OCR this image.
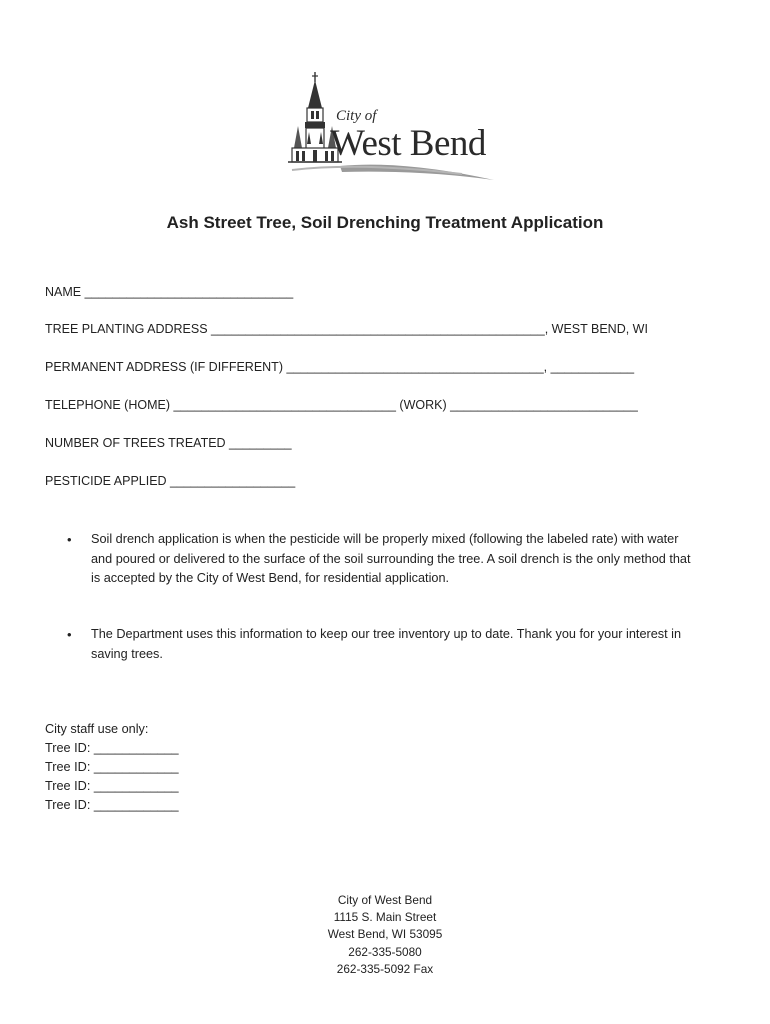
City of
West Bend
Ash Street Tree, Soil Drenching Treatment Application
NAME ______________________________
TREE PLANTING ADDRESS ________________________________________________, WEST BEND, WI
PERMANENT ADDRESS (IF DIFFERENT) _____________________________________, ____________
TELEPHONE (HOME) ________________________________ (WORK) ___________________________
NUMBER OF TREES TREATED _________
PESTICIDE APPLIED __________________
• Soil drench application is when the pesticide will be properly mixed (following the labeled rate) with water and poured or delivered to the surface of the soil surrounding the tree. A soil drench is the only method that is accepted by the City of West Bend, for residential application.
• The Department uses this information to keep our tree inventory up to date. Thank you for your interest in saving trees.
City staff use only:
Tree ID: ____________
Tree ID: ____________
Tree ID: ____________
Tree ID: ____________
City of West Bend
1115 S. Main Street
West Bend, WI 53095
262-335-5080
262-335-5092 Fax
